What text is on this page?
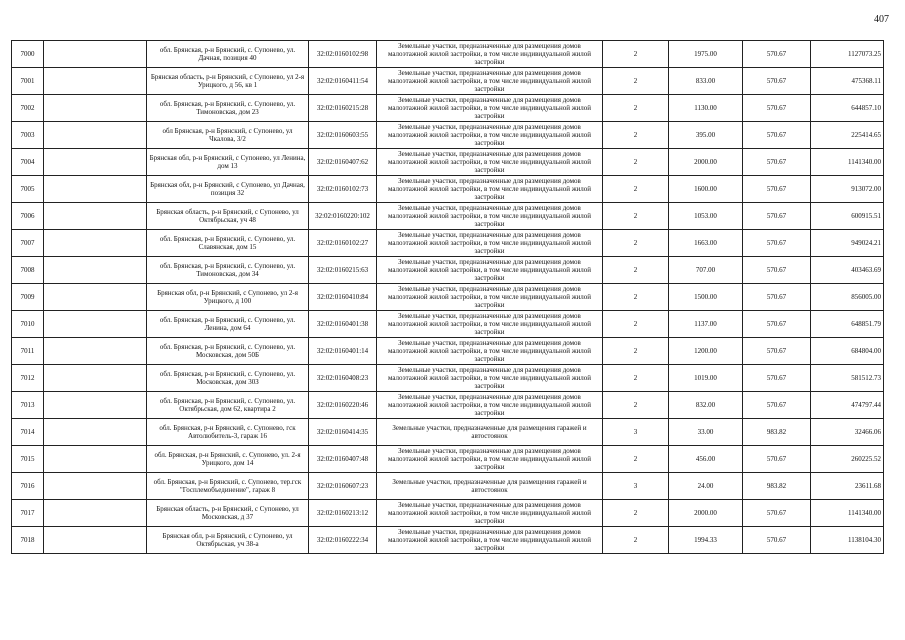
407
7000		обл. Брянская, р-н Брянский, с. Супонево, ул. Дачная, позиция 40	32:02:0160102:98	Земельные участки, предназначенные для размещения домов малоэтажной жилой застройки, в том числе индивидуальной жилой застройки	2	1975.00	570.67	1127073.25
7001		Брянская область, р-н Брянский, с Супонево, ул 2-я Урицкого, д 56, кв 1	32:02:0160411:54	Земельные участки, предназначенные для размещения домов малоэтажной жилой застройки, в том числе индивидуальной жилой застройки	2	833.00	570.67	475368.11
7002		обл. Брянская, р-н Брянский, с. Супонево, ул. Тимоновская, дом 23	32:02:0160215:28	Земельные участки, предназначенные для размещения домов малоэтажной жилой застройки, в том числе индивидуальной жилой застройки	2	1130.00	570.67	644857.10
7003		обл Брянская, р-н Брянский, с Супонево, ул Чкалова, 3/2	32:02:0160603:55	Земельные участки, предназначенные для размещения домов малоэтажной жилой застройки, в том числе индивидуальной жилой застройки	2	395.00	570.67	225414.65
7004		Брянская обл, р-н Брянский, с Супонево, ул Ленина, дом 13	32:02:0160407:62	Земельные участки, предназначенные для размещения домов малоэтажной жилой застройки, в том числе индивидуальной жилой застройки	2	2000.00	570.67	1141340.00
7005		Брянская обл, р-н Брянский, с Супонево, ул Дачная, позиция 32	32:02:0160102:73	Земельные участки, предназначенные для размещения домов малоэтажной жилой застройки, в том числе индивидуальной жилой застройки	2	1600.00	570.67	913072.00
7006		Брянская область, р-н Брянский, с Супонево, ул Октябрьская, уч 48	32:02:0160220:102	Земельные участки, предназначенные для размещения домов малоэтажной жилой застройки, в том числе индивидуальной жилой застройки	2	1053.00	570.67	600915.51
7007		обл. Брянская, р-н Брянский, с. Супонево, ул. Славянская, дом 15	32:02:0160102:27	Земельные участки, предназначенные для размещения домов малоэтажной жилой застройки, в том числе индивидуальной жилой застройки	2	1663.00	570.67	949024.21
7008		обл. Брянская, р-н Брянский, с. Супонево, ул. Тимоновская, дом 34	32:02:0160215:63	Земельные участки, предназначенные для размещения домов малоэтажной жилой застройки, в том числе индивидуальной жилой застройки	2	707.00	570.67	403463.69
7009		Брянская обл, р-н Брянский, с Супонево, ул 2-я Урицкого, д 100	32:02:0160410:84	Земельные участки, предназначенные для размещения домов малоэтажной жилой застройки, в том числе индивидуальной жилой застройки	2	1500.00	570.67	856005.00
7010		обл. Брянская, р-н Брянский, с. Супонево, ул. Ленина, дом 64	32:02:0160401:38	Земельные участки, предназначенные для размещения домов малоэтажной жилой застройки, в том числе индивидуальной жилой застройки	2	1137.00	570.67	648851.79
7011		обл. Брянская, р-н Брянский, с. Супонево, ул. Московская, дом 50Б	32:02:0160401:14	Земельные участки, предназначенные для размещения домов малоэтажной жилой застройки, в том числе индивидуальной жилой застройки	2	1200.00	570.67	684804.00
7012		обл. Брянская, р-н Брянский, с. Супонево, ул. Московская, дом 30З	32:02:0160408:23	Земельные участки, предназначенные для размещения домов малоэтажной жилой застройки, в том числе индивидуальной жилой застройки	2	1019.00	570.67	581512.73
7013		обл. Брянская, р-н Брянский, с. Супонево, ул. Октябрьская, дом 62, квартира 2	32:02:0160220:46	Земельные участки, предназначенные для размещения домов малоэтажной жилой застройки, в том числе индивидуальной жилой застройки	2	832.00	570.67	474797.44
7014		обл. Брянская, р-н Брянский, с. Супонево, гск Автолюбитель-3, гараж 16	32:02:0160414:35	Земельные участки, предназначенные для размещения гаражей и автостоянок	3	33.00	983.82	32466.06
7015		обл. Брянская, р-н Брянский, с. Супонево, ул. 2-я Урицкого, дом 14	32:02:0160407:48	Земельные участки, предназначенные для размещения домов малоэтажной жилой застройки, в том числе индивидуальной жилой застройки	2	456.00	570.67	260225.52
7016		обл. Брянская, р-н Брянский, с. Супонево, тер.гск "Госплемобъединение", гараж 8	32:02:0160607:23	Земельные участки, предназначенные для размещения гаражей и автостоянок	3	24.00	983.82	23611.68
7017		Брянская область, р-н Брянский, с Супонево, ул Московская, д 37	32:02:0160213:12	Земельные участки, предназначенные для размещения домов малоэтажной жилой застройки, в том числе индивидуальной жилой застройки	2	2000.00	570.67	1141340.00
7018		Брянская обл, р-н Брянский, с Супонево, ул Октябрьская, уч 38-а	32:02:0160222:34	Земельные участки, предназначенные для размещения домов малоэтажной жилой застройки, в том числе индивидуальной жилой застройки	2	1994.33	570.67	1138104.30
